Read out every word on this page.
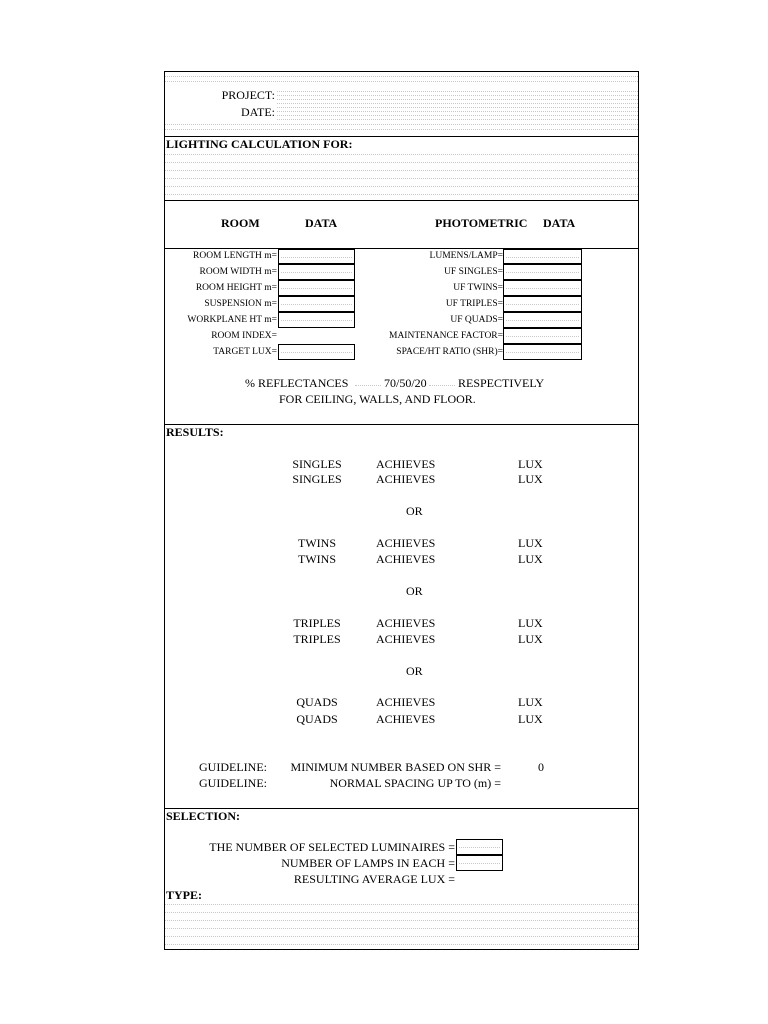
PROJECT:
DATE:
LIGHTING CALCULATION FOR:
ROOM	DATA	PHOTOMETRIC DATA
ROOM LENGTH m=
ROOM WIDTH m=
ROOM HEIGHT m=
SUSPENSION m=
WORKPLANE HT m=
ROOM INDEX=
TARGET LUX=
LUMENS/LAMP=
UF SINGLES=
UF TWINS=
UF TRIPLES=
UF QUADS=
MAINTENANCE FACTOR=
SPACE/HT RATIO (SHR)=
% REFLECTANCES	70/50/20	RESPECTIVELY
FOR CEILING, WALLS, AND FLOOR.
RESULTS:
SINGLES	ACHIEVES	LUX
SINGLES	ACHIEVES	LUX
OR
TWINS	ACHIEVES	LUX
TWINS	ACHIEVES	LUX
OR
TRIPLES	ACHIEVES	LUX
TRIPLES	ACHIEVES	LUX
OR
QUADS	ACHIEVES	LUX
QUADS	ACHIEVES	LUX
GUIDELINE:	MINIMUM NUMBER BASED ON SHR =	0
GUIDELINE:	NORMAL SPACING UP TO (m) =
SELECTION:
THE NUMBER OF SELECTED LUMINAIRES =
NUMBER OF LAMPS IN EACH =
RESULTING AVERAGE LUX =
TYPE:
